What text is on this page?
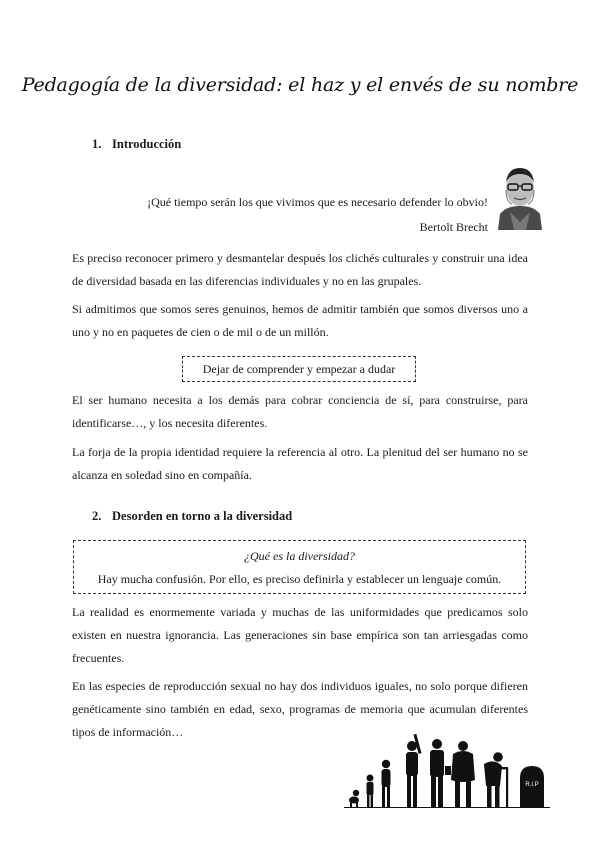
Pedagogía de la diversidad: el haz y el envés de su nombre
1. Introducción
¡Qué tiempo serán los que vivimos que es necesario defender lo obvio!
Bertolt Brecht
Es preciso reconocer primero y desmantelar después los clichés culturales y construir una idea de diversidad basada en las diferencias individuales y no en las grupales.
Si admitimos que somos seres genuinos, hemos de admitir también que somos diversos uno a uno y no en paquetes de cien o de mil o de un millón.
Dejar de comprender y empezar a dudar
El ser humano necesita a los demás para cobrar conciencia de sí, para construirse, para identificarse…, y los necesita diferentes.
La forja de la propia identidad requiere la referencia al otro. La plenitud del ser humano no se alcanza en soledad sino en compañía.
2. Desorden en torno a la diversidad
¿Qué es la diversidad?
Hay mucha confusión. Por ello, es preciso definirla y establecer un lenguaje común.
La realidad es enormemente variada y muchas de las uniformidades que predicamos solo existen en nuestra ignorancia. Las generaciones sin base empírica son tan arriesgadas como frecuentes.
En las especies de reproducción sexual no hay dos individuos iguales, no solo porque difieren genéticamente sino también en edad, sexo, programas de memoria que acumulan diferentes tipos de información…
R.I.P
